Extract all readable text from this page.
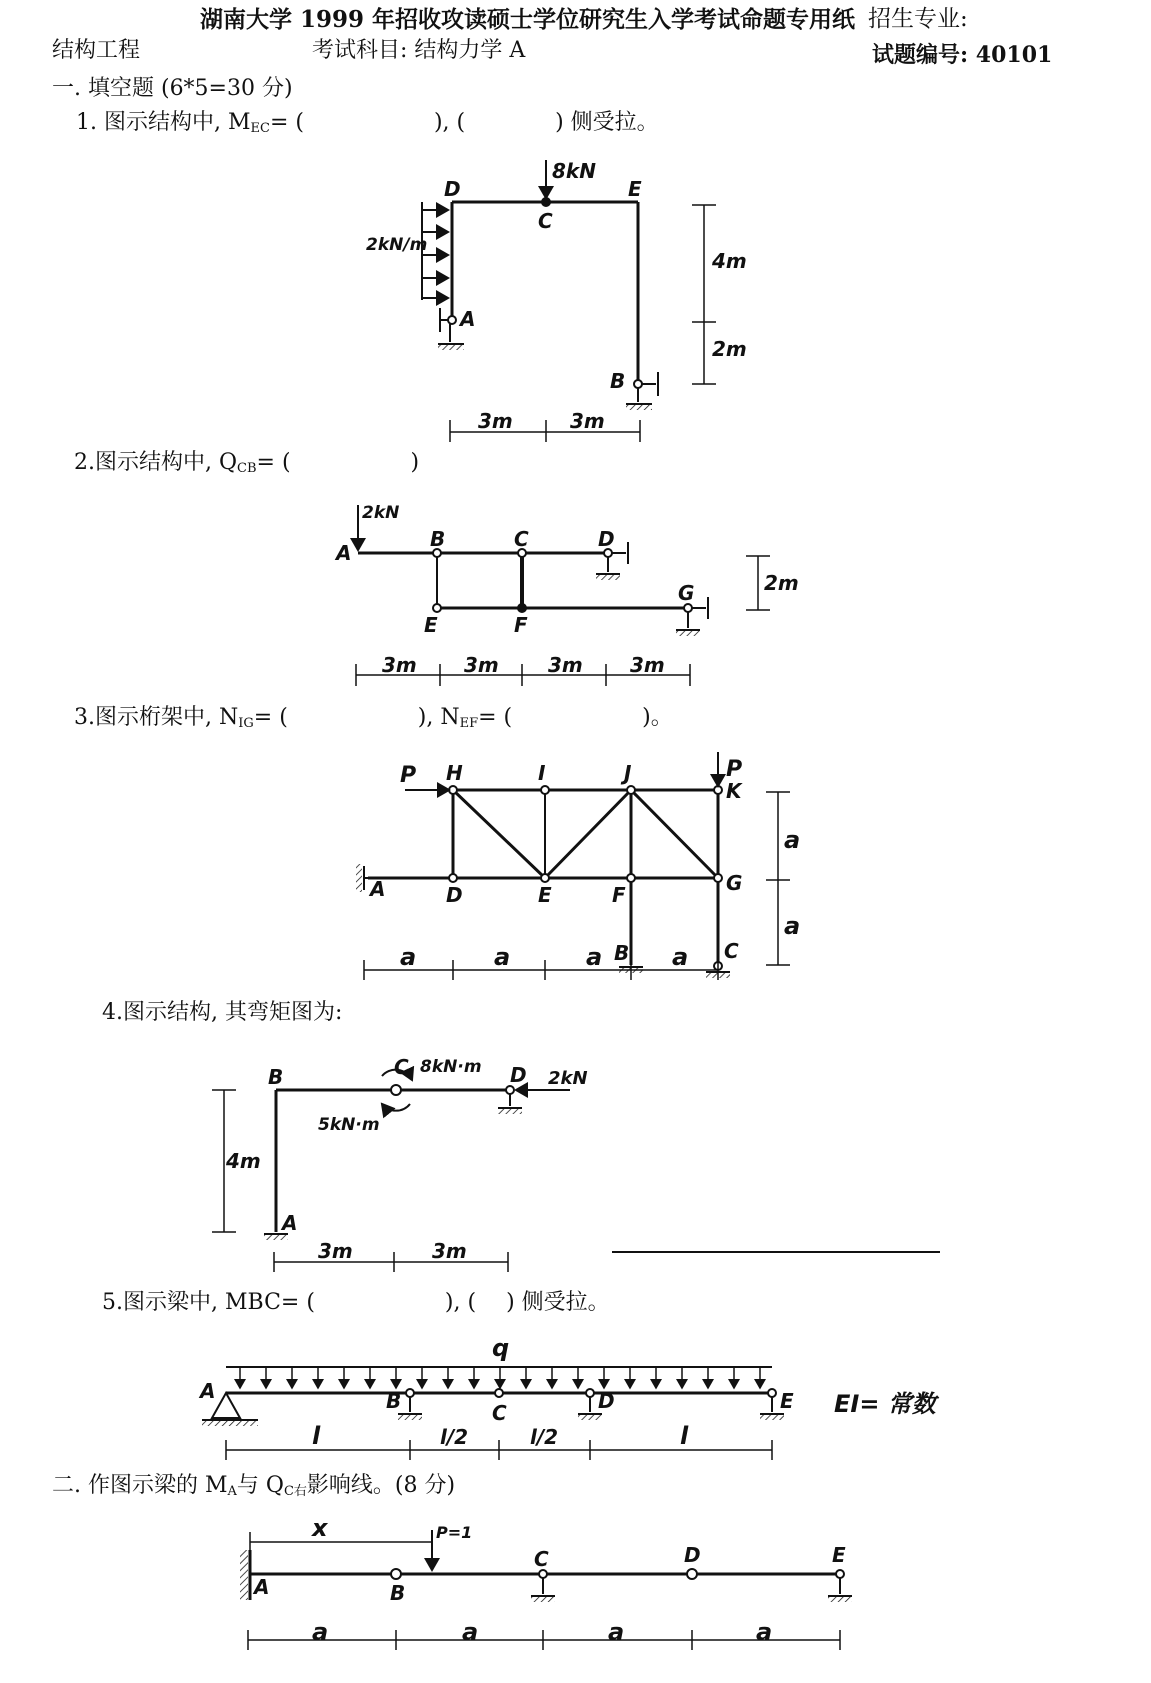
湖南大学 1999 年招收攻读硕士学位研究生入学考试命题专用纸 招生专业:
结构工程	考试科目: 结构力学 A	试题编号: 40101
一. 填空题 (6*5=30 分)
1. 图示结构中, $M_{EC}=$ (	), (	) 侧受拉。
2.图示结构中, $Q_{CB}=$ (	)
3.图示桁架中, $N_{IG}=$ (	), $N_{EF}=$ (	)。
4.图示结构, 其弯矩图为:
5.图示梁中, MBC= (	), ( ) 侧受拉。
二. 作图示梁的 $M_A$与 $Q_{C右}$影响线。(8 分)
8kN
2kN/m
D	E
C
A
B
3m	3m
4m
2m
2kN
A
B	C	D
E	F
G
3m 3m 3m 3m
2m
P	P
H	I	J
K
A	D	E	F	G
B	C
a	a	a	a
a
a
8kN·m
5kN·m
2kN
B	C	D
A
4m
3m	3m
q
EI= 常数
A	B	C	D	E
l	l/2	l/2	l
x	P=1
A	B
C	D	E
a	a	a	a
